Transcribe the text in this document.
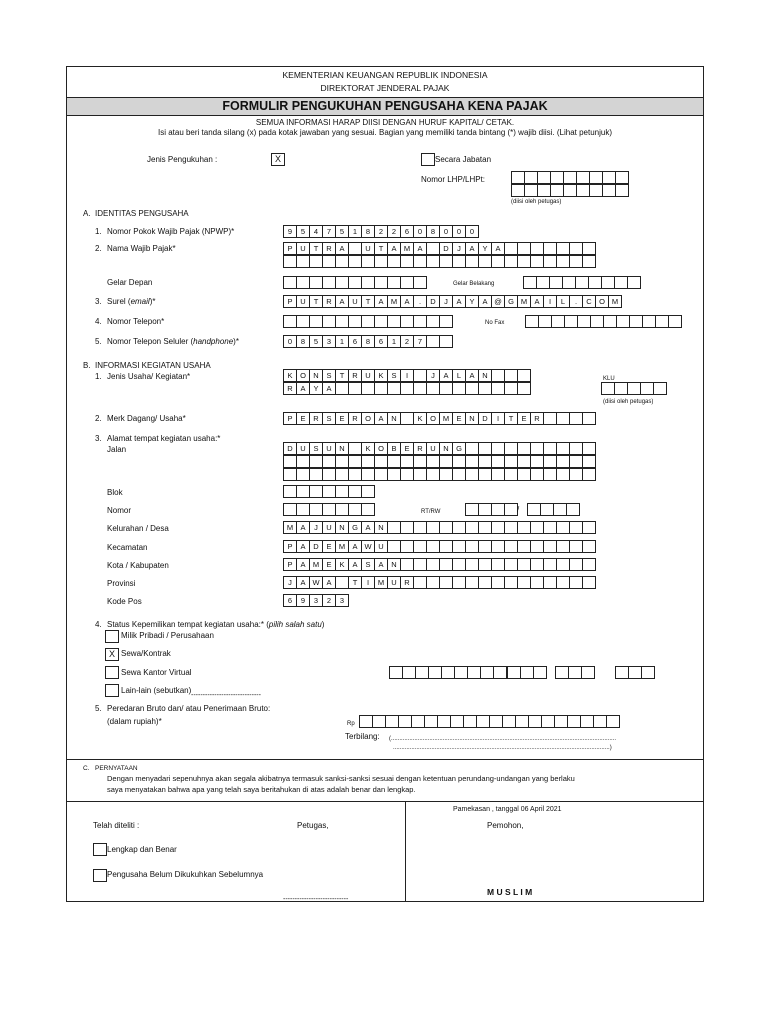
KEMENTERIAN KEUANGAN REPUBLIK INDONESIA
DIREKTORAT JENDERAL PAJAK
FORMULIR PENGUKUHAN PENGUSAHA KENA PAJAK
SEMUA INFORMASI HARAP DIISI DENGAN HURUF KAPITAL/ CETAK.
Isi atau beri tanda silang (x) pada kotak jawaban yang sesuai. Bagian yang memiliki tanda bintang (*) wajib diisi. (Lihat petunjuk)
Jenis Pengukuhan :	X	Secara Jabatan
Nomor LHP/LHPt:
(diisi oleh petugas)
A. IDENTITAS PENGUSAHA
1. Nomor Pokok Wajib Pajak (NPWP)*	9	5	4	7	5	1	8	2	2	6	0	8	0	0	0
2. Nama Wajib Pajak*	P	U	T	R	A	U	T	A M A	D	J	A	Y	A
Gelar Depan	Gelar Belakang
3. Surel (email)*	P	U	T	R	A	U	T	A M A	.	D	J	A	Y	A @ G M A	I	L	.	C O M
4. Nomor Telepon*	No Fax
5. Nomor Telepon Seluler (handphone)*	0	8	5	3	1	6	8	6	1	2	7
B. INFORMASI KEGIATAN USAHA
1. Jenis Usaha/ Kegiatan*	K	O N	S	T	R	U	K	S	I	J	A	L	A	N
R	A	Y	A
KLU
(diisi oleh petugas)
2. Merk Dagang/ Usaha*	P	E	R	S	E	R O	A	N	K	O M E	N	D	I	T	E	R
3. Alamat tempat kegiatan usaha:*
Jalan	D	U	S	U	N	K	O	B	E	R	U	N G
Blok
Nomor	RT/RW	/
Kelurahan / Desa	M A	J	U	N G	A	N
Kecamatan	P	A	D	E M A W U
Kota / Kabupaten	P	A M E	K	A	S	A	N
Provinsi	J	A W A	T	I	M U	R
Kode Pos	6	9	3	2	3
4. Status Kepemilikan tempat kegiatan usaha:* (pilih salah satu)
Milik Pribadi / Perusahaan
X Sewa/Kontrak
Sewa Kantor Virtual
Lain-lain (sebutkan)
------------------------------
5. Peredaran Bruto dan/ atau Penerimaan Bruto:
(dalam rupiah)*	Rp
Terbilang: (.......................................................................................................................................
..................................................................................................................................)
C. PERNYATAAN
Dengan menyadari sepenuhnya akan segala akibatnya termasuk sanksi-sanksi sesuai dengan ketentuan perundang-undangan yang berlaku
saya menyatakan bahwa apa yang telah saya beritahukan di atas adalah benar dan lengkap.
Pamekasan , tanggal 06 April 2021
Telah diteliti :	Petugas,	Pemohon,
Lengkap dan Benar
Pengusaha Belum Dikukuhkan Sebelumnya
M U S L I M
----------------------------
